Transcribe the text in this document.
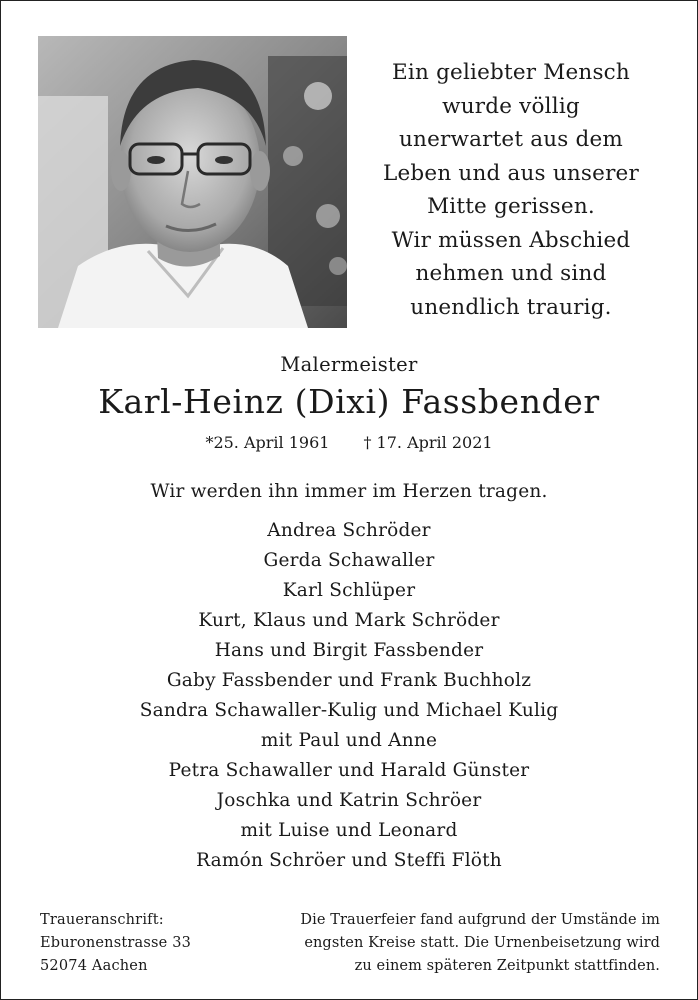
Ein geliebter Mensch
wurde völlig
unerwartet aus dem
Leben und aus unserer
Mitte gerissen.
Wir müssen Abschied
nehmen und sind
unendlich traurig.
Malermeister
Karl-Heinz (Dixi) Fassbender
*25. April 1961 † 17. April 2021
Wir werden ihn immer im Herzen tragen.
Andrea Schröder
Gerda Schawaller
Karl Schlüper
Kurt, Klaus und Mark Schröder
Hans und Birgit Fassbender
Gaby Fassbender und Frank Buchholz
Sandra Schawaller-Kulig und Michael Kulig
mit Paul und Anne
Petra Schawaller und Harald Günster
Joschka und Katrin Schröer
mit Luise und Leonard
Ramón Schröer und Steffi Flöth
Traueranschrift:
Eburonenstrasse 33
52074 Aachen
Die Trauerfeier fand aufgrund der Umstände im
engsten Kreise statt. Die Urnenbeisetzung wird
zu einem späteren Zeitpunkt stattfinden.
